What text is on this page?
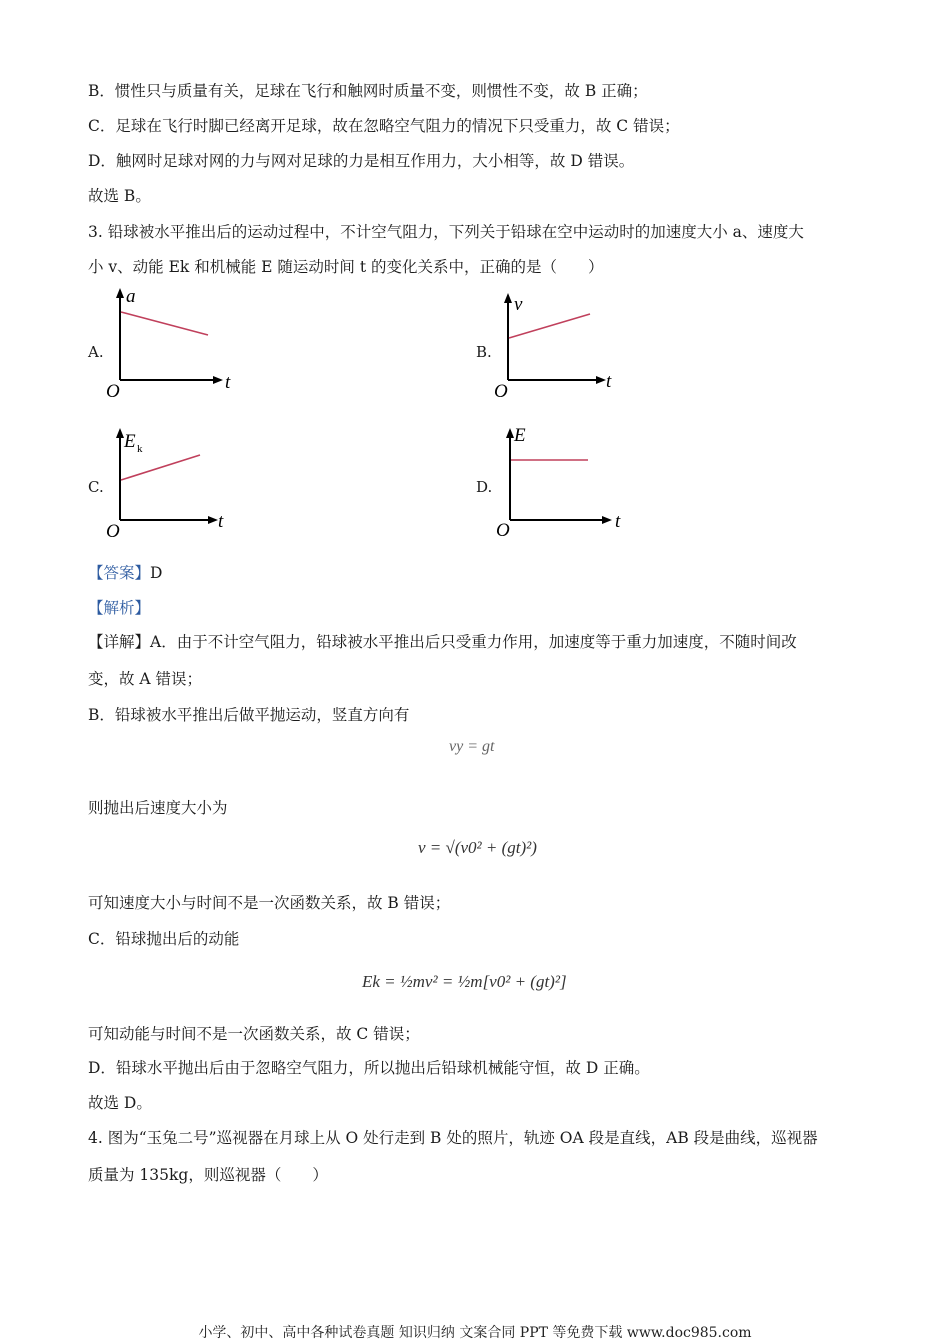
B．惯性只与质量有关，足球在飞行和触网时质量不变，则惯性不变，故 B 正确；
C．足球在飞行时脚已经离开足球，故在忽略空气阻力的情况下只受重力，故 C 错误；
D．触网时足球对网的力与网对足球的力是相互作用力，大小相等，故 D 错误。
故选 B。
3. 铅球被水平推出后的运动过程中，不计空气阻力，下列关于铅球在空中运动时的加速度大小 a、速度大
小 v、动能 Ek 和机械能 E 随运动时间 t 的变化关系中，正确的是（　　）
A.
a
t
O
B.
v
t
O
C.
E k
t
O
D.
E
t
O
【答案】D
【解析】
【详解】A．由于不计空气阻力，铅球被水平推出后只受重力作用，加速度等于重力加速度，不随时间改
变，故 A 错误；
B．铅球被水平推出后做平抛运动，竖直方向有
vy = gt
则抛出后速度大小为
v = √(v0² + (gt)²)
可知速度大小与时间不是一次函数关系，故 B 错误；
C．铅球抛出后的动能
Ek = ½mv² = ½m[v0² + (gt)²]
可知动能与时间不是一次函数关系，故 C 错误；
D．铅球水平抛出后由于忽略空气阻力，所以抛出后铅球机械能守恒，故 D 正确。
故选 D。
4. 图为“玉兔二号”巡视器在月球上从 O 处行走到 B 处的照片，轨迹 OA 段是直线，AB 段是曲线，巡视器
质量为 135kg，则巡视器（　　）
小学、初中、高中各种试卷真题 知识归纳 文案合同 PPT 等免费下载 www.doc985.com
